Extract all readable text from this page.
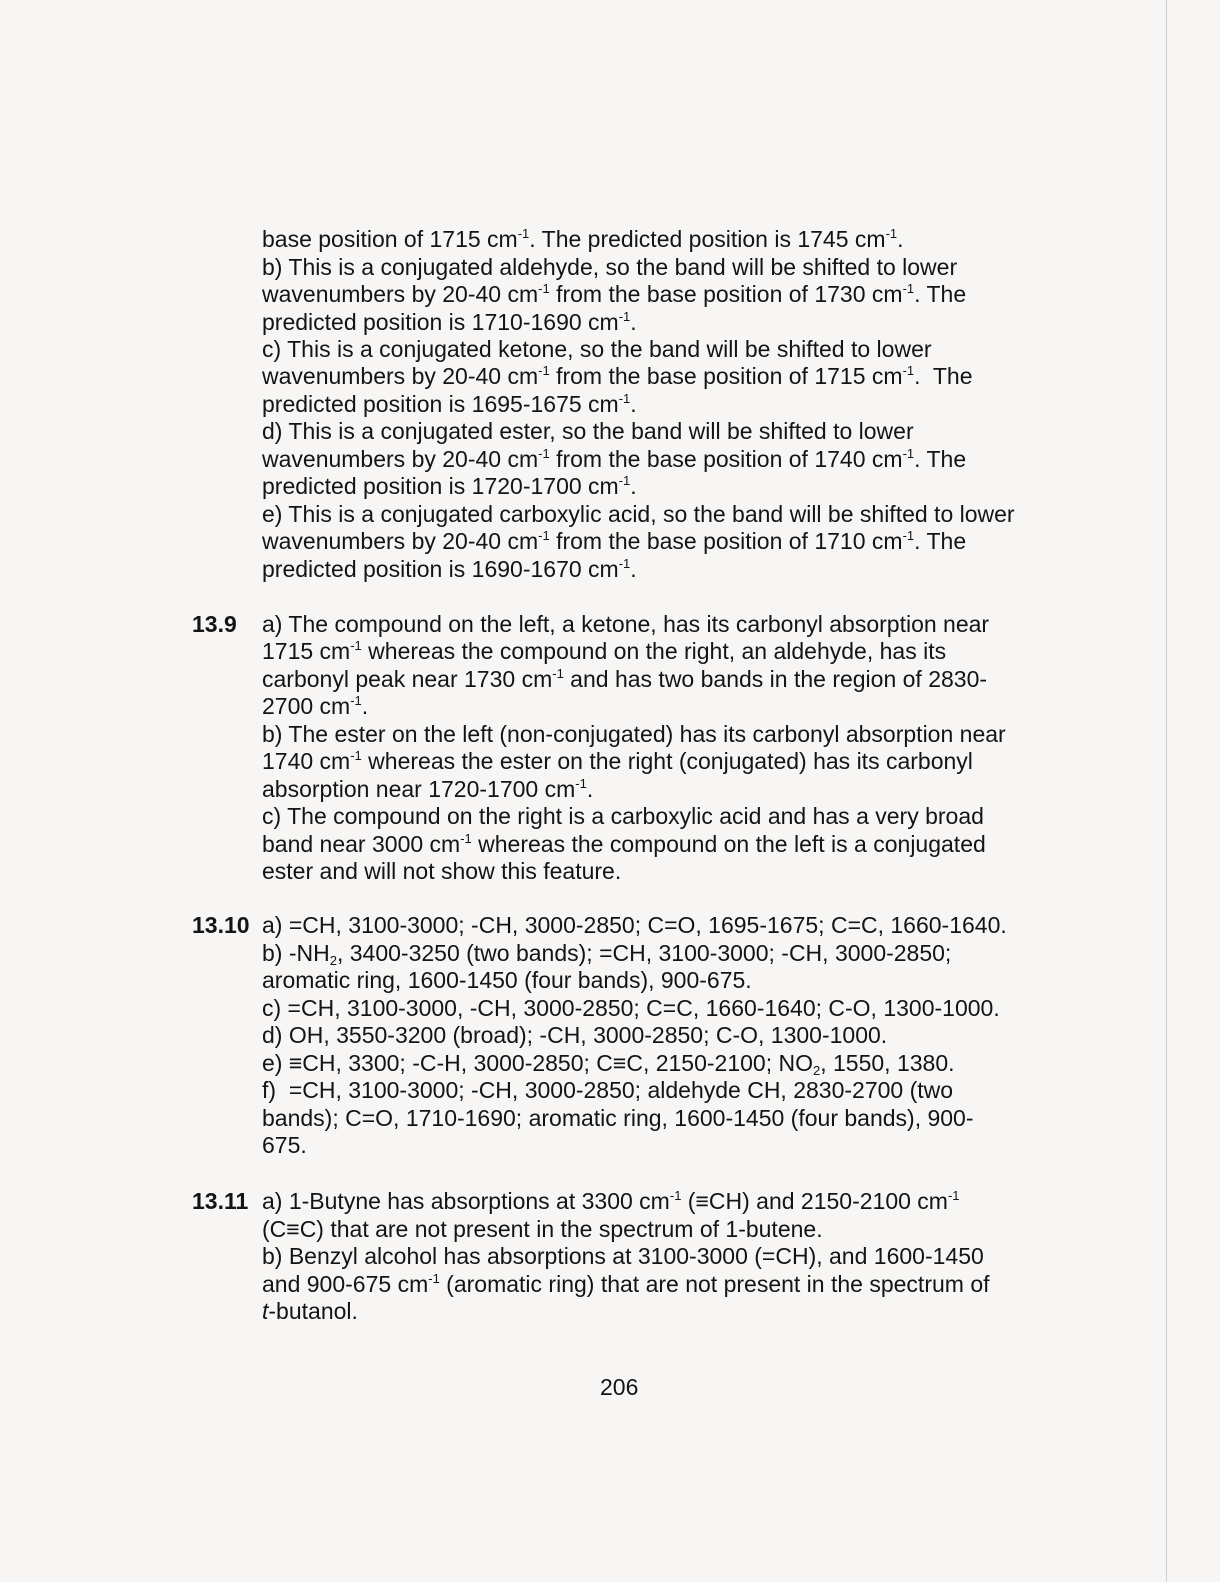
base position of 1715 $cm^{-1}$. The predicted position is 1745 $cm^{-1}$.
b) This is a conjugated aldehyde, so the band will be shifted to lower
wavenumbers by 20-40 $cm^{-1}$ from the base position of 1730 $cm^{-1}$. The
predicted position is 1710-1690 $cm^{-1}$.
c) This is a conjugated ketone, so the band will be shifted to lower
wavenumbers by 20-40 $cm^{-1}$ from the base position of 1715 $cm^{-1}$.  The
predicted position is 1695-1675 $cm^{-1}$.
d) This is a conjugated ester, so the band will be shifted to lower
wavenumbers by 20-40 $cm^{-1}$ from the base position of 1740 $cm^{-1}$. The
predicted position is 1720-1700 $cm^{-1}$.
e) This is a conjugated carboxylic acid, so the band will be shifted to lower
wavenumbers by 20-40 $cm^{-1}$ from the base position of 1710 $cm^{-1}$. The
predicted position is 1690-1670 $cm^{-1}$.
13.9 a) The compound on the left, a ketone, has its carbonyl absorption near
1715 $cm^{-1}$ whereas the compound on the right, an aldehyde, has its
carbonyl peak near 1730 $cm^{-1}$ and has two bands in the region of 2830-
2700 $cm^{-1}$.
b) The ester on the left (non-conjugated) has its carbonyl absorption near
1740 $cm^{-1}$ whereas the ester on the right (conjugated) has its carbonyl
absorption near 1720-1700 $cm^{-1}$.
c) The compound on the right is a carboxylic acid and has a very broad
band near 3000 $cm^{-1}$ whereas the compound on the left is a conjugated
ester and will not show this feature.
13.10 a) =CH, 3100-3000; -CH, 3000-2850; C=O, 1695-1675; C=C, 1660-1640.
b) $-NH_2$, 3400-3250 (two bands); =CH, 3100-3000; -CH, 3000-2850;
aromatic ring, 1600-1450 (four bands), 900-675.
c) =CH, 3100-3000, -CH, 3000-2850; C=C, 1660-1640; C-O, 1300-1000.
d) OH, 3550-3200 (broad); -CH, 3000-2850; C-O, 1300-1000.
e) ≡CH, 3300; -C-H, 3000-2850; C≡C, 2150-2100; $NO_2$, 1550, 1380.
f)  =CH, 3100-3000; -CH, 3000-2850; aldehyde CH, 2830-2700 (two
bands); C=O, 1710-1690; aromatic ring, 1600-1450 (four bands), 900-
675.
13.11 a) 1-Butyne has absorptions at 3300 $cm^{-1}$ (≡CH) and 2150-2100 $cm^{-1}$
(C≡C) that are not present in the spectrum of 1-butene.
b) Benzyl alcohol has absorptions at 3100-3000 (=CH), and 1600-1450
and 900-675 $cm^{-1}$ (aromatic ring) that are not present in the spectrum of
t-butanol.
206
